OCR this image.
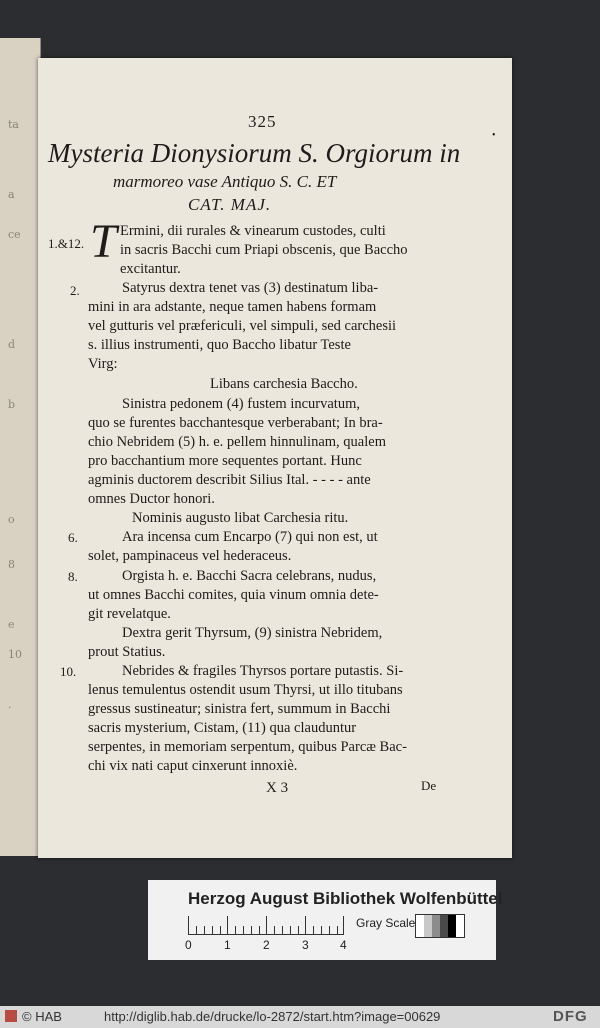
ta
a
ce
d
b
o
8
e
10
.
•
325
Mysteria Dionysiorum S. Orgiorum in
marmoreo vase Antiquo S. C. ET
CAT. MAJ.
1.&12. T Ermini, dii rurales & vinearum custodes, culti
in sacris Bacchi cum Priapi obscenis, que Baccho
excitantur.
2.	Satyrus dextra tenet vas (3) destinatum liba-
mini in ara adstante, neque tamen habens formam
vel gutturis vel præfericuli, vel simpuli, sed carchesii
s. illius instrumenti, quo Baccho libatur Teste
Virg:
Libans carchesia Baccho.
Sinistra pedonem (4) fustem incurvatum,
quo se furentes bacchantesque verberabant; In bra-
chio Nebridem (5) h. e. pellem hinnulinam, qualem
pro bacchantium more sequentes portant. Hunc
agminis ductorem describit Silius Ital. - - - - ante
omnes Ductor honori.
Nominis augusto libat Carchesia ritu.
6.	Ara incensa cum Encarpo (7) qui non est, ut
solet, pampinaceus vel hederaceus.
8.	Orgista h. e. Bacchi Sacra celebrans, nudus,
ut omnes Bacchi comites, quia vinum omnia dete-
git revelatque.
Dextra gerit Thyrsum, (9) sinistra Nebridem,
prout Statius.
10.	Nebrides & fragiles Thyrsos portare putastis. Si-
lenus temulentus ostendit usum Thyrsi, ut illo titubans
gressus sustineatur; sinistra fert, summum in Bacchi
sacris mysterium, Cistam, (11) qua clauduntur
serpentes, in memoriam serpentum, quibus Parcæ Bac-
chi vix nati caput cinxerunt innoxiè.
X 3	De
Herzog August Bibliothek Wolfenbüttel
0	1	2	3	4
Gray Scale
© HAB	http://diglib.hab.de/drucke/lo-2872/start.htm?image=00629	DFG
